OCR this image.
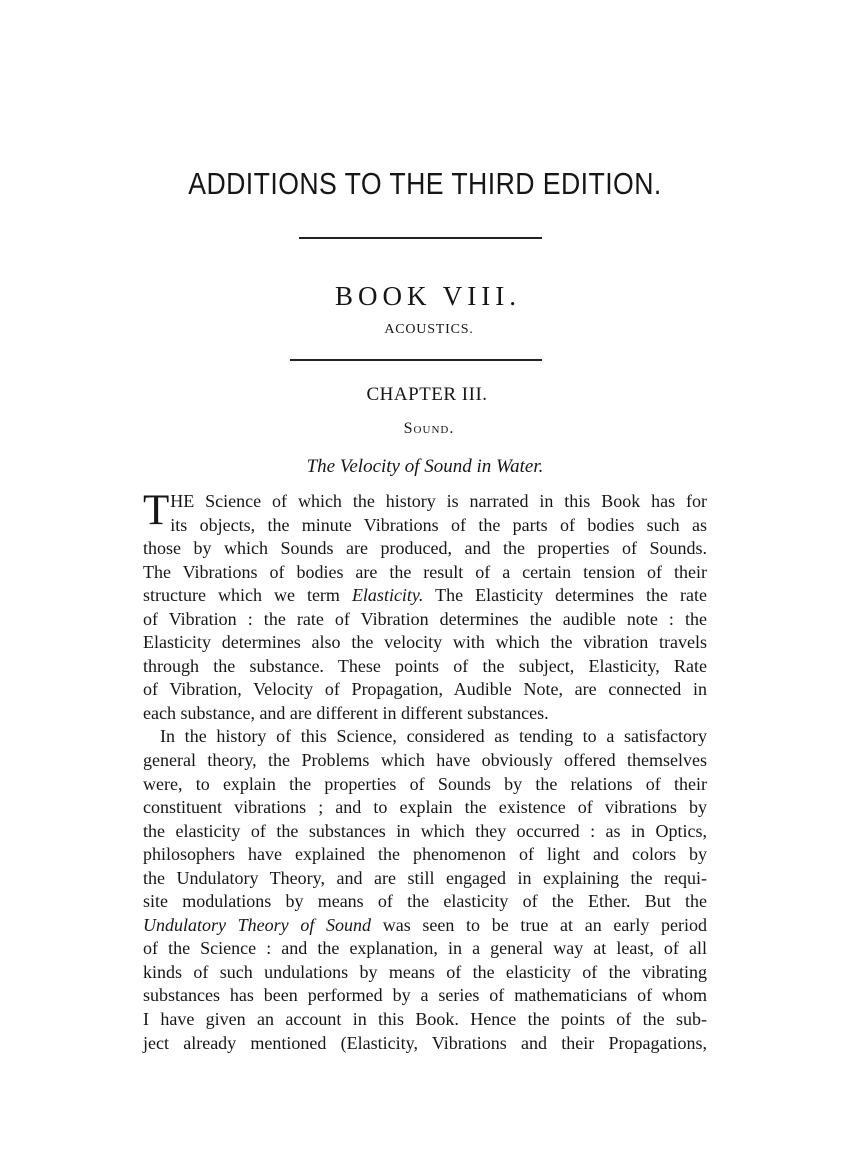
ADDITIONS TO THE THIRD EDITION.
BOOK VIII.
ACOUSTICS.
CHAPTER III.
Sound.
The Velocity of Sound in Water.
T HE Science of which the history is narrated in this Book has for
its objects, the minute Vibrations of the parts of bodies such as
those by which Sounds are produced, and the properties of Sounds.
The Vibrations of bodies are the result of a certain tension of their
structure which we term Elasticity. The Elasticity determines the rate
of Vibration : the rate of Vibration determines the audible note : the
Elasticity determines also the velocity with which the vibration travels
through the substance. These points of the subject, Elasticity, Rate
of Vibration, Velocity of Propagation, Audible Note, are connected in
each substance, and are different in different substances.
In the history of this Science, considered as tending to a satisfactory
general theory, the Problems which have obviously offered themselves
were, to explain the properties of Sounds by the relations of their
constituent vibrations ; and to explain the existence of vibrations by
the elasticity of the substances in which they occurred : as in Optics,
philosophers have explained the phenomenon of light and colors by
the Undulatory Theory, and are still engaged in explaining the requi-
site modulations by means of the elasticity of the Ether. But the
Undulatory Theory of Sound was seen to be true at an early period
of the Science : and the explanation, in a general way at least, of all
kinds of such undulations by means of the elasticity of the vibrating
substances has been performed by a series of mathematicians of whom
I have given an account in this Book. Hence the points of the sub-
ject already mentioned (Elasticity, Vibrations and their Propagations,
